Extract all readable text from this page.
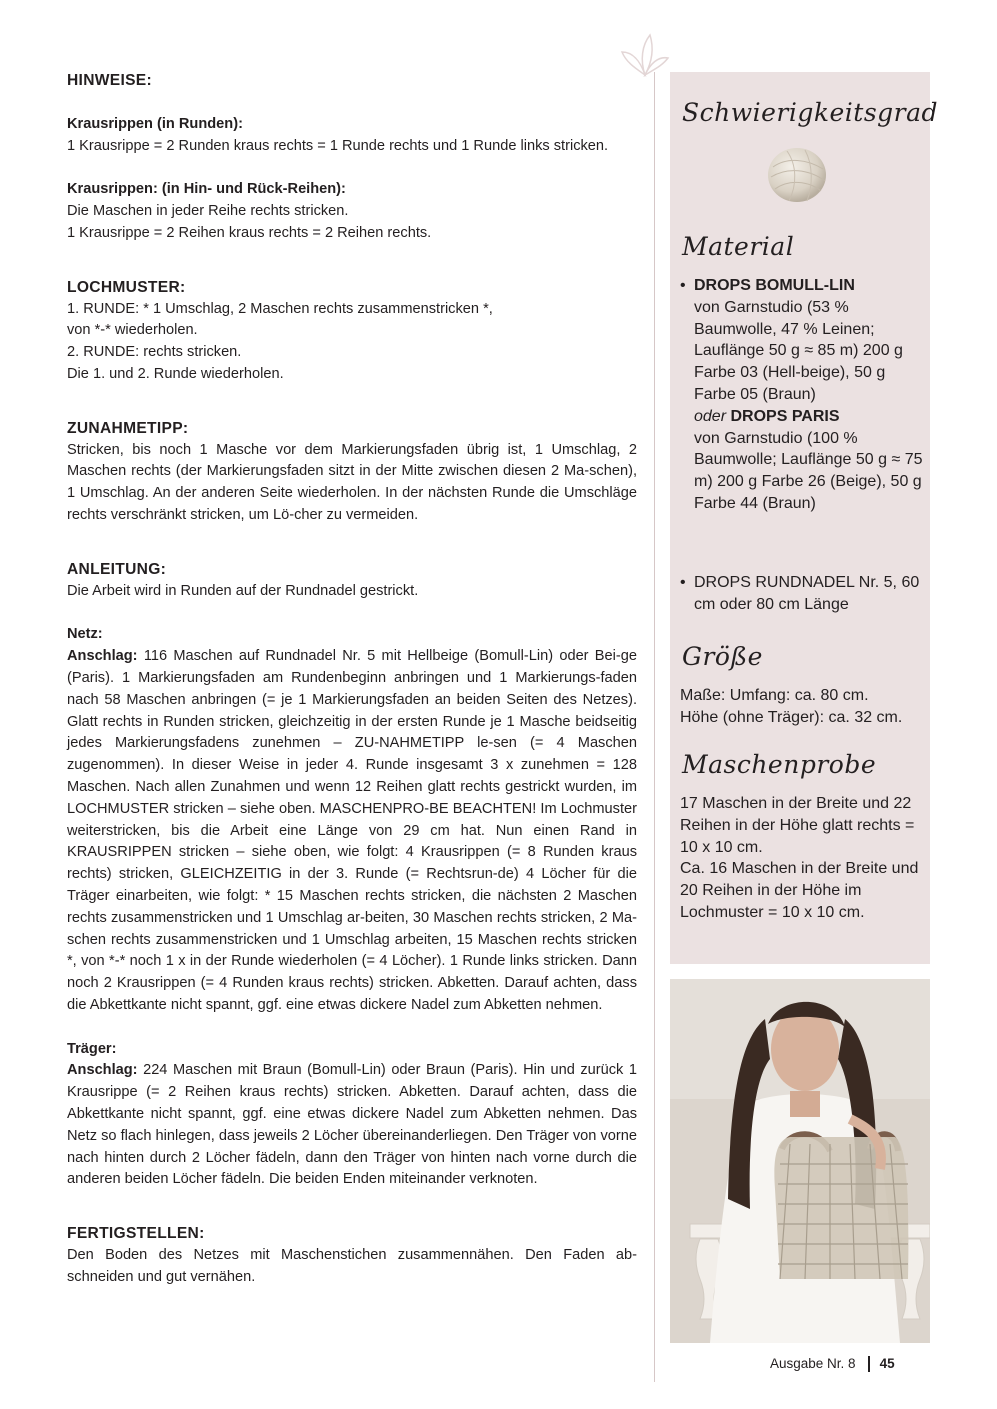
HINWEISE:

Krausrippen (in Runden):

1 Krausrippe = 2 Runden kraus rechts = 1 Runde rechts und 1 Runde links stricken.

Krausrippen: (in Hin- und Rück-Reihen):

Die Maschen in jeder Reihe rechts stricken.

1 Krausrippe = 2 Reihen kraus rechts = 2 Reihen rechts.

LOCHMUSTER:

1. RUNDE: * 1 Umschlag, 2 Maschen rechts zusammenstricken *,

von *-* wiederholen.

2. RUNDE: rechts stricken.

Die 1. und 2. Runde wiederholen.

ZUNAHMETIPP:

Stricken, bis noch 1 Masche vor dem Markierungsfaden übrig ist, 1 Umschlag, 2 Maschen rechts (der Markierungsfaden sitzt in der Mitte zwischen diesen 2 Ma-schen), 1 Umschlag. An der anderen Seite wiederholen. In der nächsten Runde die Umschläge rechts verschränkt stricken, um Lö-cher zu vermeiden.

ANLEITUNG:

Die Arbeit wird in Runden auf der Rundnadel gestrickt.

Netz:

Anschlag: 116 Maschen auf Rundnadel Nr. 5 mit Hellbeige (Bomull-Lin) oder Bei-ge (Paris). 1 Markierungsfaden am Rundenbeginn anbringen und 1 Markierungs-faden nach 58 Maschen anbringen (= je 1 Markierungsfaden an beiden Seiten des Netzes). Glatt rechts in Runden stricken, gleichzeitig in der ersten Runde je 1 Masche beidseitig jedes Markierungsfadens zunehmen – ZU-NAHMETIPP le-sen (= 4 Maschen zugenommen). In dieser Weise in jeder 4. Runde insgesamt 3 x zunehmen = 128 Maschen. Nach allen Zunahmen und wenn 12 Reihen glatt rechts gestrickt wurden, im LOCHMUSTER stricken – siehe oben. MASCHENPRO-BE BEACHTEN! Im Lochmuster weiterstricken, bis die Arbeit eine Länge von 29 cm hat. Nun einen Rand in KRAUSRIPPEN stricken – siehe oben, wie folgt: 4 Krausrippen (= 8 Runden kraus rechts) stricken, GLEICHZEITIG in der 3. Runde (= Rechtsrun-de) 4 Löcher für die Träger einarbeiten, wie folgt: * 15 Maschen rechts stricken, die nächsten 2 Maschen rechts zusammenstricken und 1 Umschlag ar-beiten, 30 Maschen rechts stricken, 2 Ma-schen rechts zusammenstricken und 1 Umschlag arbeiten, 15 Maschen rechts stricken *, von *-* noch 1 x in der Runde wiederholen (= 4 Löcher). 1 Runde links stricken. Dann noch 2 Krausrippen (= 4 Runden kraus rechts) stricken. Abketten. Darauf achten, dass die Abkettkante nicht spannt, ggf. eine etwas dickere Nadel zum Abketten nehmen.

Träger:

Anschlag: 224 Maschen mit Braun (Bomull-Lin) oder Braun (Paris). Hin und zurück 1 Krausrippe (= 2 Reihen kraus rechts) stricken. Abketten. Darauf achten, dass die Abkettkante nicht spannt, ggf. eine etwas dickere Nadel zum Abketten nehmen. Das Netz so flach hinlegen, dass jeweils 2 Löcher übereinanderliegen. Den Träger von vorne nach hinten durch 2 Löcher fädeln, dann den Träger von hinten nach vorne durch die anderen beiden Löcher fädeln. Die beiden Enden miteinander verknoten.

FERTIGSTELLEN:

Den Boden des Netzes mit Maschenstichen zusammennähen. Den Faden ab-schneiden und gut vernähen.

Schwierigkeitsgrad
Material
• DROPS BOMULL-LIN
von Garnstudio (53 % Baumwolle, 47 % Leinen; Lauflänge 50 g ≈ 85 m) 200 g Farbe 03 (Hell-beige), 50 g Farbe 05 (Braun)
oder DROPS PARIS
von Garnstudio (100 % Baumwolle; Lauflänge 50 g ≈ 75 m) 200 g Farbe 26 (Beige), 50 g Farbe 44 (Braun)
• DROPS RUNDNADEL Nr. 5, 60 cm oder 80 cm Länge
Größe
Maße: Umfang: ca. 80 cm.
Höhe (ohne Träger): ca. 32 cm.
Maschenprobe
17 Maschen in der Breite und 22 Reihen in der Höhe glatt rechts = 10 x 10 cm.
Ca. 16 Maschen in der Breite und 20 Reihen in der Höhe im Lochmuster = 10 x 10 cm.
Ausgabe Nr. 8 45
